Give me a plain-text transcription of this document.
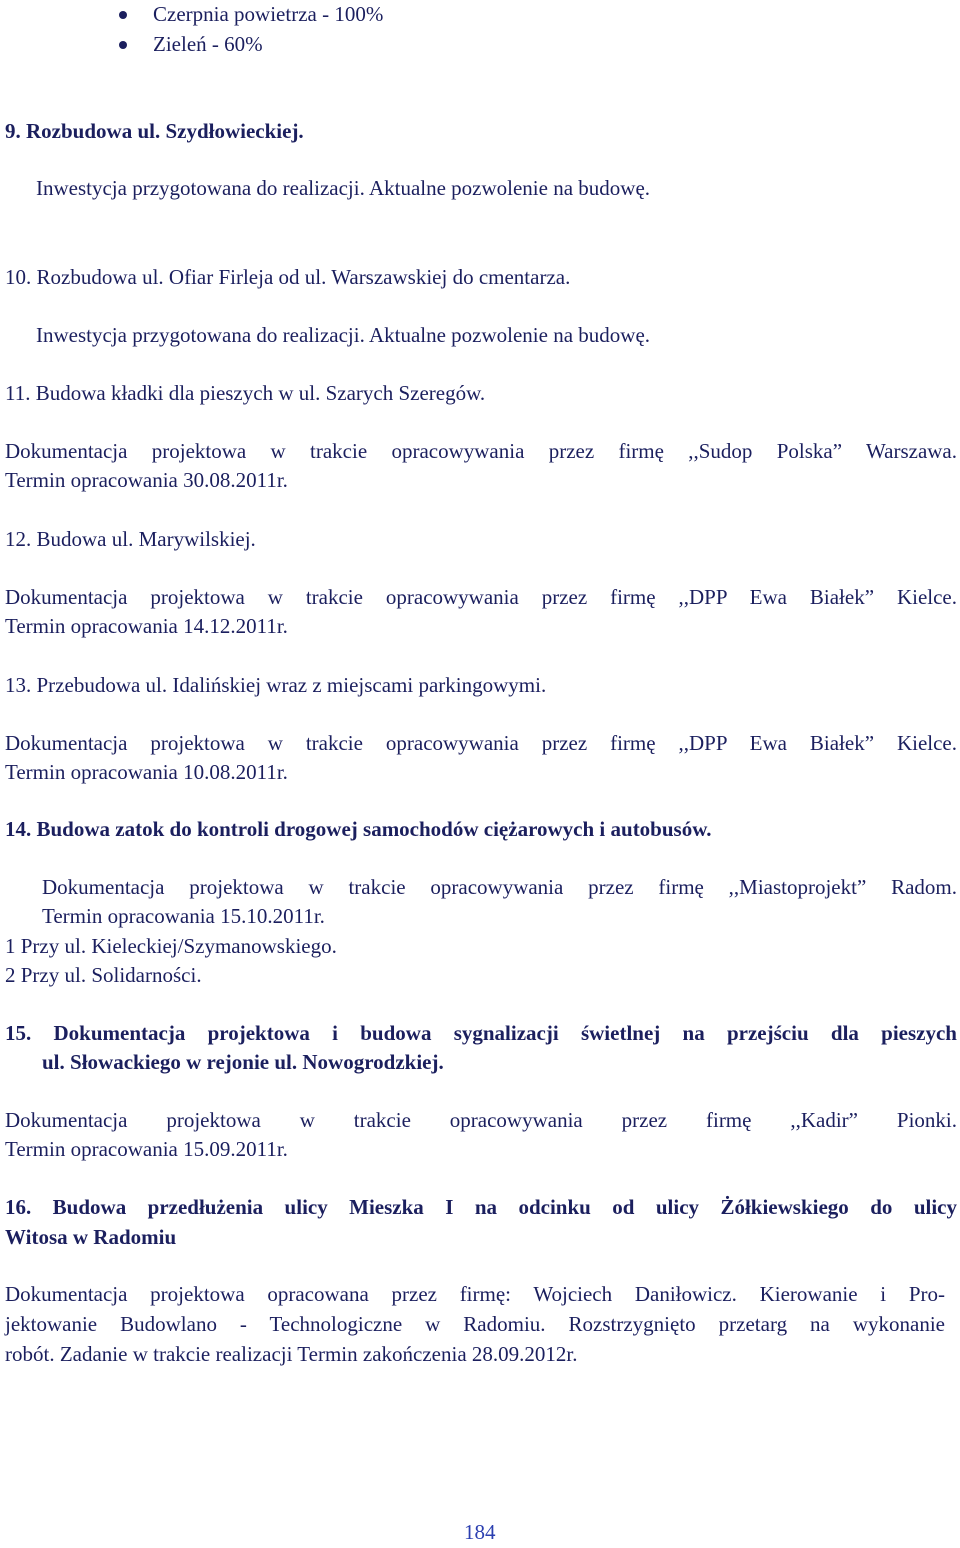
Czerpnia powietrza - 100%
Zieleń - 60%
9. Rozbudowa ul. Szydłowieckiej.
Inwestycja przygotowana do realizacji. Aktualne pozwolenie na budowę.
10. Rozbudowa ul. Ofiar Firleja od ul. Warszawskiej do cmentarza.
Inwestycja przygotowana do realizacji. Aktualne pozwolenie na budowę.
11. Budowa kładki dla pieszych w ul. Szarych Szeregów.
Dokumentacja projektowa w trakcie opracowywania przez firmę ,,Sudop Polska” Warszawa.
Termin opracowania 30.08.2011r.
12. Budowa ul. Marywilskiej.
Dokumentacja projektowa w trakcie opracowywania przez firmę ,,DPP Ewa Białek” Kielce.
Termin opracowania 14.12.2011r.
13. Przebudowa ul. Idalińskiej wraz z miejscami parkingowymi.
Dokumentacja projektowa w trakcie opracowywania przez firmę ,,DPP Ewa Białek” Kielce.
Termin opracowania 10.08.2011r.
14. Budowa zatok do kontroli drogowej samochodów ciężarowych i autobusów.
Dokumentacja projektowa w trakcie opracowywania przez firmę ,,Miastoprojekt” Radom.
Termin opracowania 15.10.2011r.
1 Przy ul. Kieleckiej/Szymanowskiego.
2 Przy ul. Solidarności.
15. Dokumentacja projektowa i budowa sygnalizacji świetlnej na przejściu dla pieszych
ul. Słowackiego w rejonie ul. Nowogrodzkiej.
Dokumentacja projektowa w trakcie opracowywania przez firmę ,,Kadir” Pionki.
Termin opracowania 15.09.2011r.
16. Budowa przedłużenia ulicy Mieszka I na odcinku od ulicy Żółkiewskiego do ulicy
Witosa w Radomiu
Dokumentacja projektowa opracowana przez firmę: Wojciech Daniłowicz. Kierowanie i Pro-
jektowanie Budowlano - Technologiczne w Radomiu. Rozstrzygnięto przetarg na wykonanie
robót. Zadanie w trakcie realizacji Termin zakończenia 28.09.2012r.
184
